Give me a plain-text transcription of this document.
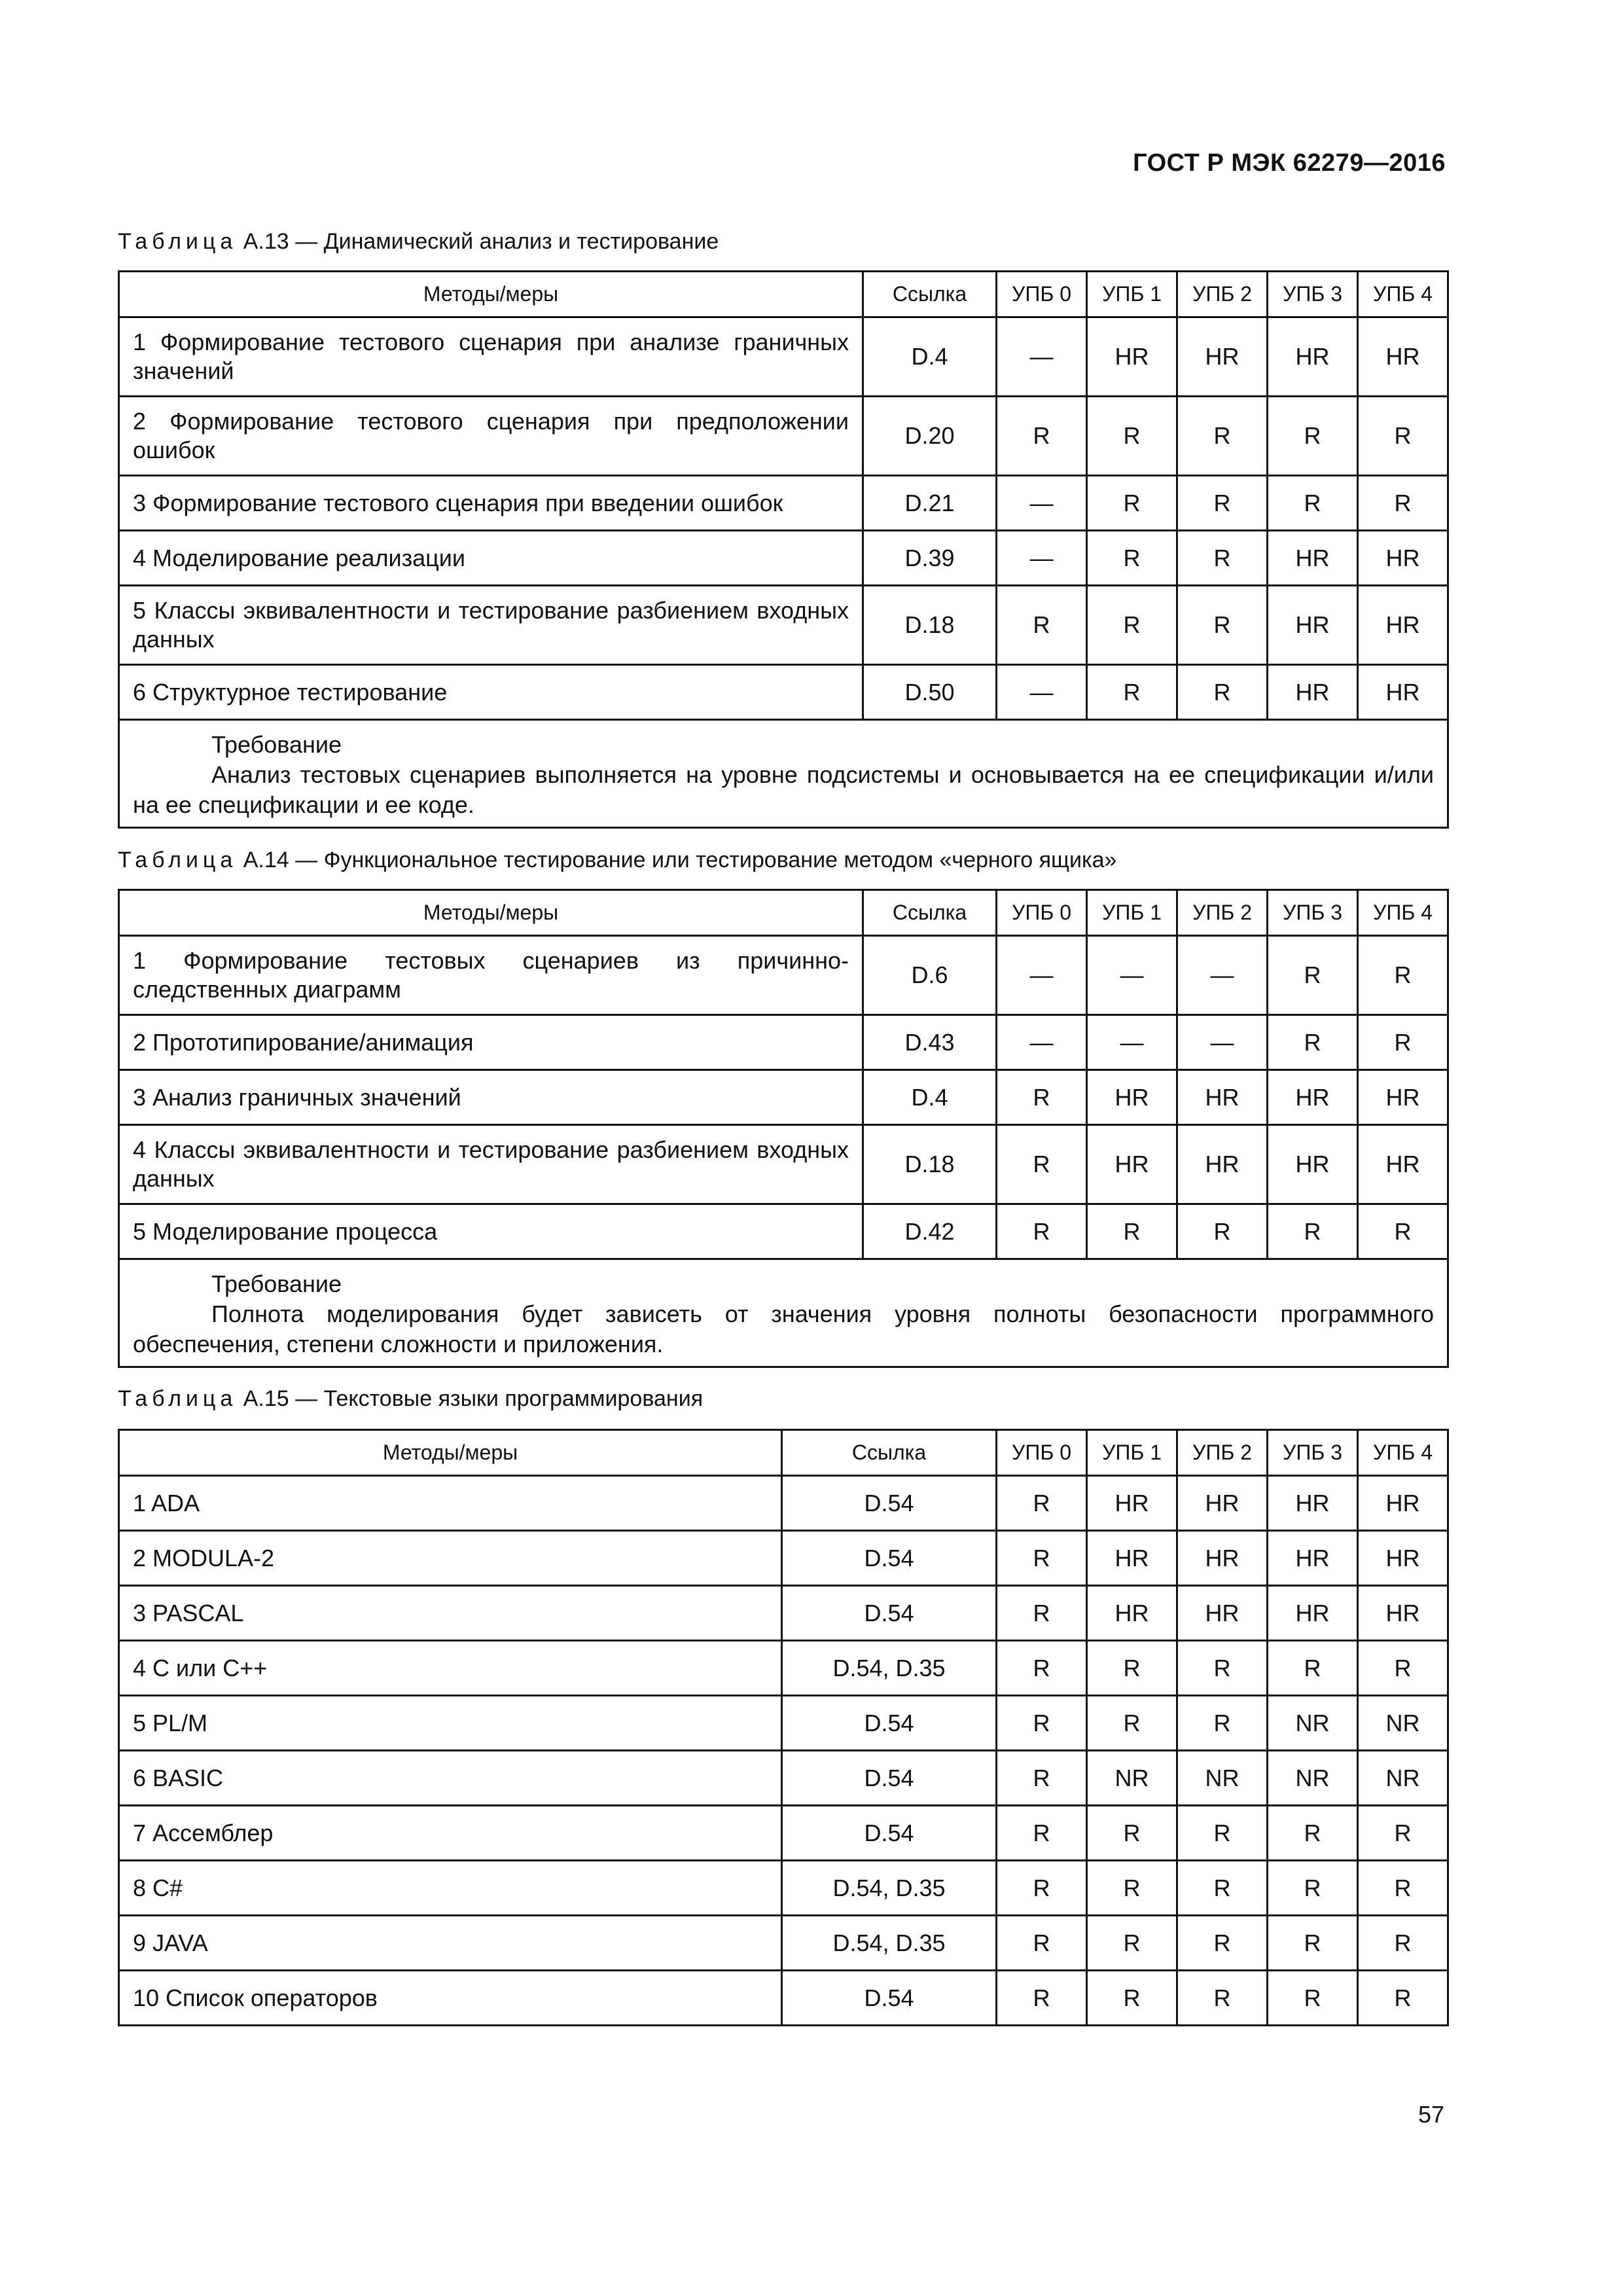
ГОСТ Р МЭК 62279—2016
Таблица А.13 — Динамический анализ и тестирование
Методы/меры	Ссылка	УПБ 0	УПБ 1	УПБ 2	УПБ 3	УПБ 4
1 Формирование тестового сценария при анализе граничных значений	D.4	—	HR	HR	HR	HR
2 Формирование тестового сценария при предположении ошибок	D.20	R	R	R	R	R
3 Формирование тестового сценария при введении ошибок	D.21	—	R	R	R	R
4 Моделирование реализации	D.39	—	R	R	HR	HR
5 Классы эквивалентности и тестирование разбиением входных данных	D.18	R	R	R	HR	HR
6 Структурное тестирование	D.50	—	R	R	HR	HR

Требование
Анализ тестовых сценариев выполняется на уровне подсистемы и основывается на ее спецификации и/или на ее спецификации и ее коде.						
Таблица А.14 — Функциональное тестирование или тестирование методом «черного ящика»
Методы/меры	Ссылка	УПБ 0	УПБ 1	УПБ 2	УПБ 3	УПБ 4
1 Формирование тестовых сценариев из причинно-следственных диаграмм	D.6	—	—	—	R	R
2 Прототипирование/анимация	D.43	—	—	—	R	R
3 Анализ граничных значений	D.4	R	HR	HR	HR	HR
4 Классы эквивалентности и тестирование разбиением входных данных	D.18	R	HR	HR	HR	HR
5 Моделирование процесса	D.42	R	R	R	R	R

Требование
Полнота моделирования будет зависеть от значения уровня полноты безопасности программного обеспечения, степени сложности и приложения.						
Таблица А.15 — Текстовые языки программирования
Методы/меры	Ссылка	УПБ 0	УПБ 1	УПБ 2	УПБ 3	УПБ 4
1 ADA	D.54	R	HR	HR	HR	HR
2 MODULA-2	D.54	R	HR	HR	HR	HR
3 PASCAL	D.54	R	HR	HR	HR	HR
4 C или C++	D.54, D.35	R	R	R	R	R
5 PL/M	D.54	R	R	R	NR	NR
6 BASIC	D.54	R	NR	NR	NR	NR
7 Ассемблер	D.54	R	R	R	R	R
8 C#	D.54, D.35	R	R	R	R	R
9 JAVA	D.54, D.35	R	R	R	R	R
10 Список операторов	D.54	R	R	R	R	R
57
